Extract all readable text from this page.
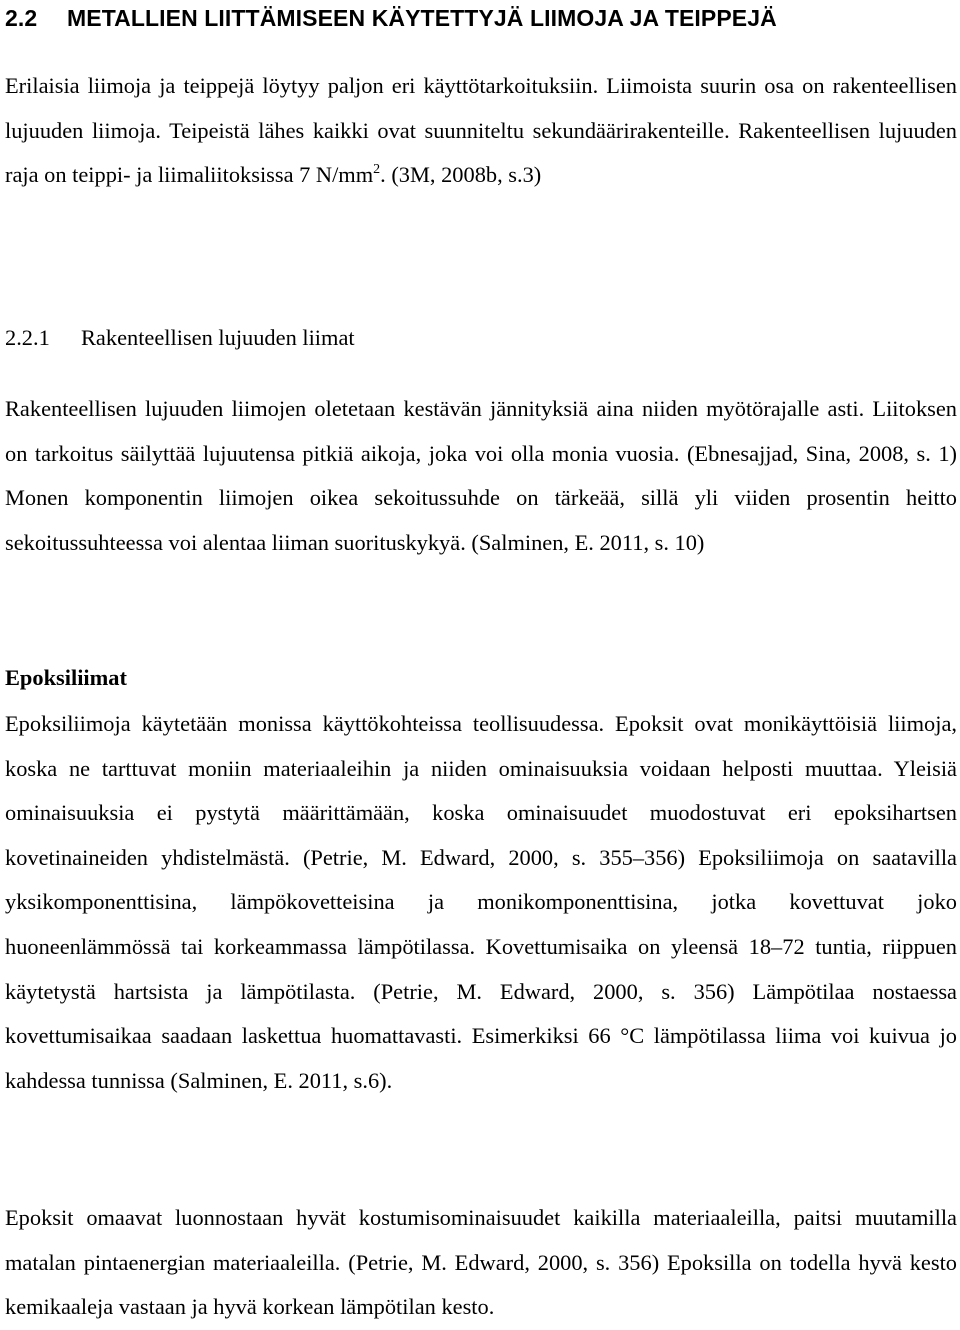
2.2 METALLIEN LIITTÄMISEEN KÄYTETTYJÄ LIIMOJA JA TEIPPEJÄ
Erilaisia liimoja ja teippejä löytyy paljon eri käyttötarkoituksiin. Liimoista suurin osa on rakenteellisen lujuuden liimoja. Teipeistä lähes kaikki ovat suunniteltu sekundäärirakenteille. Rakenteellisen lujuuden raja on teippi- ja liimaliitoksissa 7 $N/mm^2$. (3M, 2008b, s.3)
2.2.1 Rakenteellisen lujuuden liimat
Rakenteellisen lujuuden liimojen oletetaan kestävän jännityksiä aina niiden myötörajalle asti. Liitoksen on tarkoitus säilyttää lujuutensa pitkiä aikoja, joka voi olla monia vuosia. (Ebnesajjad, Sina, 2008, s. 1) Monen komponentin liimojen oikea sekoitussuhde on tärkeää, sillä yli viiden prosentin heitto sekoitussuhteessa voi alentaa liiman suorituskykyä. (Salminen, E. 2011, s. 10)
Epoksiliimat
Epoksiliimoja käytetään monissa käyttökohteissa teollisuudessa. Epoksit ovat monikäyttöisiä liimoja, koska ne tarttuvat moniin materiaaleihin ja niiden ominaisuuksia voidaan helposti muuttaa. Yleisiä ominaisuuksia ei pystytä määrittämään, koska ominaisuudet muodostuvat eri epoksihartsen kovetinaineiden yhdistelmästä. (Petrie, M. Edward, 2000, s. 355–356) Epoksiliimoja on saatavilla yksikomponenttisina, lämpökovetteisina ja monikomponenttisina, jotka kovettuvat joko huoneenlämmössä tai korkeammassa lämpötilassa. Kovettumisaika on yleensä 18–72 tuntia, riippuen käytetystä hartsista ja lämpötilasta. (Petrie, M. Edward, 2000, s. 356) Lämpötilaa nostaessa kovettumisaikaa saadaan laskettua huomattavasti. Esimerkiksi 66 °C lämpötilassa liima voi kuivua jo kahdessa tunnissa (Salminen, E. 2011, s.6).
Epoksit omaavat luonnostaan hyvät kostumisominaisuudet kaikilla materiaaleilla, paitsi muutamilla matalan pintaenergian materiaaleilla. (Petrie, M. Edward, 2000, s. 356) Epoksilla on todella hyvä kesto kemikaaleja vastaan ja hyvä korkean lämpötilan kesto.
